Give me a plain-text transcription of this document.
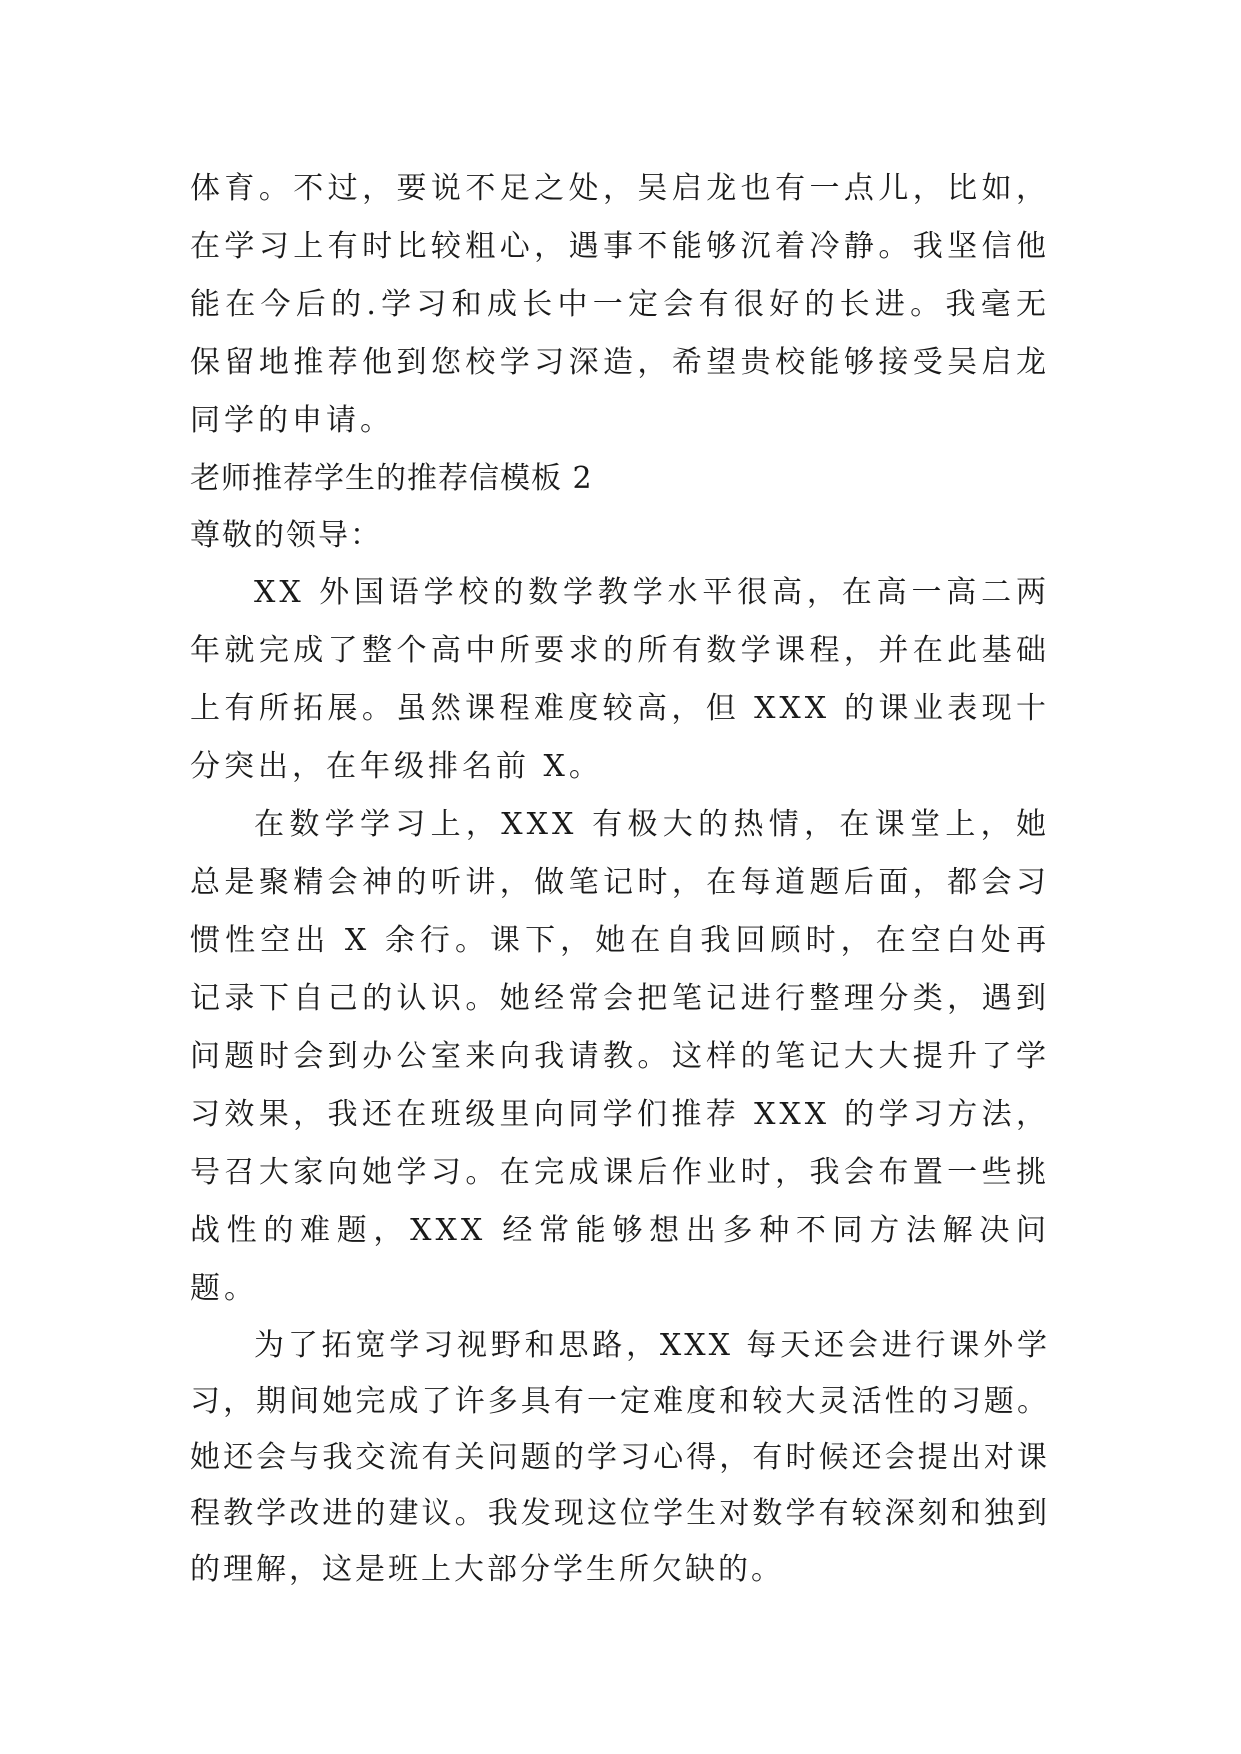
体育。不过，要说不足之处，吴启龙也有一点儿，比如，在学习上有时比较粗心，遇事不能够沉着冷静。我坚信他能在今后的.学习和成长中一定会有很好的长进。我毫无保留地推荐他到您校学习深造，希望贵校能够接受吴启龙同学的申请。

老师推荐学生的推荐信模板 2

尊敬的领导：

XX 外国语学校的数学教学水平很高，在高一高二两年就完成了整个高中所要求的所有数学课程，并在此基础上有所拓展。虽然课程难度较高，但 XXX 的课业表现十分突出，在年级排名前 X。

在数学学习上，XXX 有极大的热情，在课堂上，她总是聚精会神的听讲，做笔记时，在每道题后面，都会习惯性空出 X 余行。课下，她在自我回顾时，在空白处再记录下自己的认识。她经常会把笔记进行整理分类，遇到问题时会到办公室来向我请教。这样的笔记大大提升了学习效果，我还在班级里向同学们推荐 XXX 的学习方法，号召大家向她学习。在完成课后作业时，我会布置一些挑战性的难题，XXX 经常能够想出多种不同方法解决问题。

为了拓宽学习视野和思路，XXX 每天还会进行课外学习，期间她完成了许多具有一定难度和较大灵活性的习题。她还会与我交流有关问题的学习心得，有时候还会提出对课程教学改进的建议。我发现这位学生对数学有较深刻和独到的理解，这是班上大部分学生所欠缺的。
